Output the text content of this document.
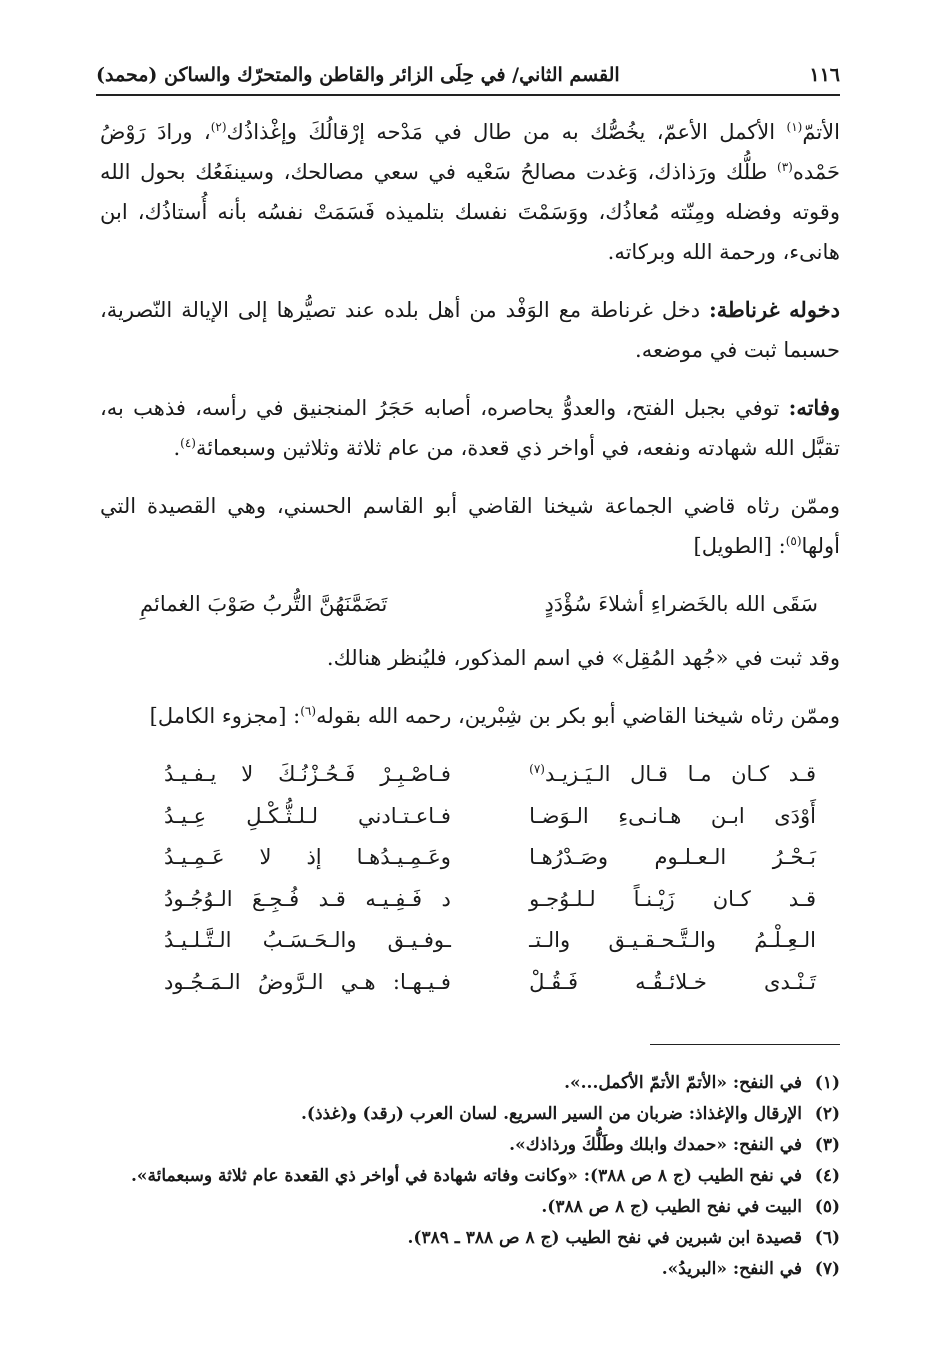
١١٦
القسم الثاني/ في حِلَى الزائر والقاطن والمتحرّك والساكن (محمد)

الأتمّ$^{(١)}$ الأكمل الأعمّ، يخُصُّك به من طال في مَدْحه إرْقالُكَ وإغْذاذُك$^{(٢)}$، ورادَ رَوْضُ حَمْده$^{(٣)}$ طلُّك ورَذاذك، وَغدت مصالحُ سَعْيه في سعي مصالحك، وسينفَعُك بحول الله وقوته وفضله ومِنّته مُعاذُك، ووَسَمْتَ نفسك بتلميذه فَسَمَتْ نفسُه بأنه أُستاذُك، ابن هانىء، ورحمة الله وبركاته.

دخوله غرناطة: دخل غرناطة مع الوَفْد من أهل بلده عند تصيُّرها إلى الإيالة النّصرية، حسبما ثبت في موضعه.

وفاته: توفي بجبل الفتح، والعدوُّ يحاصره، أصابه حَجَرُ المنجنيق في رأسه، فذهب به، تقبَّل الله شهادته ونفعه، في أواخر ذي قعدة، من عام ثلاثة وثلاثين وسبعمائة$^{(٤)}$.

وممّن رثاه قاضي الجماعة شيخنا القاضي أبو القاسم الحسني، وهي القصيدة التي أولها$^{(٥)}$: [الطويل]

سَقَى الله بالخَضراءِ أشلاءَ سُؤْدَدٍ
تَضَمَّنَهُنَّ التُّربُ صَوْبَ الغمائمِ

وقد ثبت في «جُهد المُقِل» في اسم المذكور، فليُنظر هنالك.

وممّن رثاه شيخنا القاضي أبو بكر بن شِبْرين، رحمه الله بقوله$^{(٦)}$: [مجزوء الكامل]

قـد كـان مـا قـال الـيَـزيـد$^{(٧)}$
فـاصْـبِـرْ فَـحُـزْنُـكَ لا يـفـيـدُ
أَوْدَى ابـن هـانـىءِ الـوَضـا
فـاعـتـادني لـلـثُّـكْـلِ عِـيـدُ
بَـحْـرُ الـعـلـوم وصَـدْرُهـا
وعَـمِـيـدُهـا إذ لا عَـمِـيـدُ
قـد كـان زَيْـنـاً لـلـوُجـو
د فَـفِـيـه قـد فُـجِـعَ الـوُجُـودُ
الـعِـلْـمُ والـتَّـحـقـيـق والـتـ
ـوفـيـق والـحَـسَـبُ الـتَّـلـيـدُ
تَـنْـدى خـلائـقُـه فَـقُـلْ
فـيـهـا: هـي الـرَّوضُ الـمَـجُـود
(١)
في النفح: «الأتمّ الأتمّ الأكمل...».
(٢)
الإرقال والإغذاذ: ضربان من السير السريع. لسان العرب (رقد) و(غذذ).
(٣)
في النفح: «حمدك وابلك وطَلُّكَ ورذاذك».
(٤)
في نفح الطيب (ج ٨ ص ٣٨٨): «وكانت وفاته شهادة في أواخر ذي القعدة عام ثلاثة وسبعمائة».
(٥)
البيت في نفح الطيب (ج ٨ ص ٣٨٨).
(٦)
قصيدة ابن شبرين في نفح الطيب (ج ٨ ص ٣٨٨ ـ ٣٨٩).
(٧)
في النفح: «البريدُ».
